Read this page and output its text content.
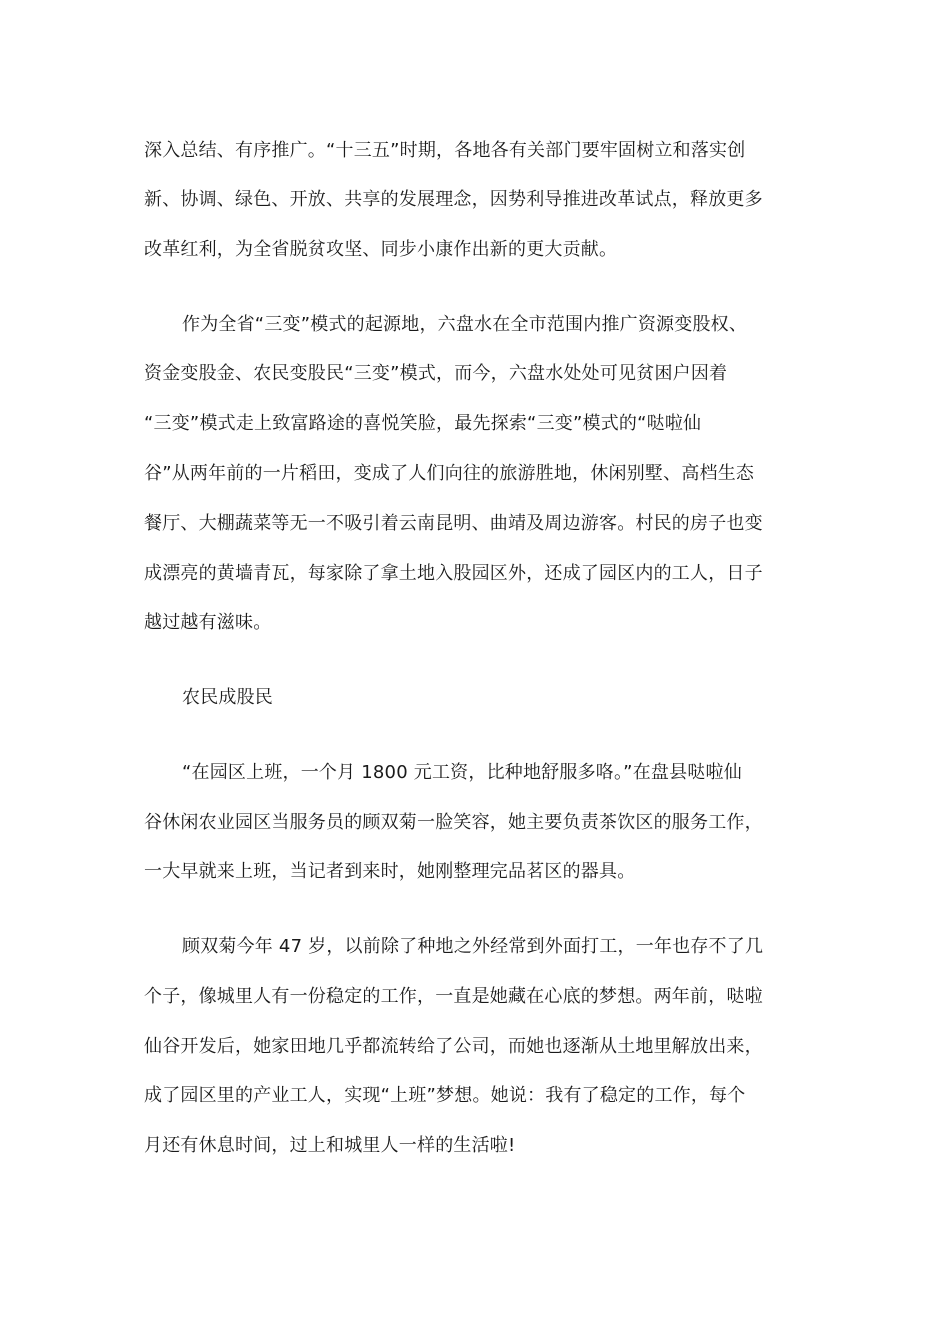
深入总结、有序推广。“十三五”时期，各地各有关部门要牢固树立和落实创
新、协调、绿色、开放、共享的发展理念，因势利导推进改革试点，释放更多
改革红利，为全省脱贫攻坚、同步小康作出新的更大贡献。
作为全省“三变”模式的起源地，六盘水在全市范围内推广资源变股权、
资金变股金、农民变股民“三变”模式，而今，六盘水处处可见贫困户因着
“三变”模式走上致富路途的喜悦笑脸，最先探索“三变”模式的“哒啦仙
谷”从两年前的一片稻田，变成了人们向往的旅游胜地，休闲别墅、高档生态
餐厅、大棚蔬菜等无一不吸引着云南昆明、曲靖及周边游客。村民的房子也变
成漂亮的黄墙青瓦，每家除了拿土地入股园区外，还成了园区内的工人，日子
越过越有滋味。
农民成股民
“在园区上班，一个月 1800 元工资，比种地舒服多咯。”在盘县哒啦仙
谷休闲农业园区当服务员的顾双菊一脸笑容，她主要负责茶饮区的服务工作，
一大早就来上班，当记者到来时，她刚整理完品茗区的器具。
顾双菊今年 47 岁，以前除了种地之外经常到外面打工，一年也存不了几
个子，像城里人有一份稳定的工作，一直是她藏在心底的梦想。两年前，哒啦
仙谷开发后，她家田地几乎都流转给了公司，而她也逐渐从土地里解放出来，
成了园区里的产业工人，实现“上班”梦想。她说：我有了稳定的工作，每个
月还有休息时间，过上和城里人一样的生活啦!
